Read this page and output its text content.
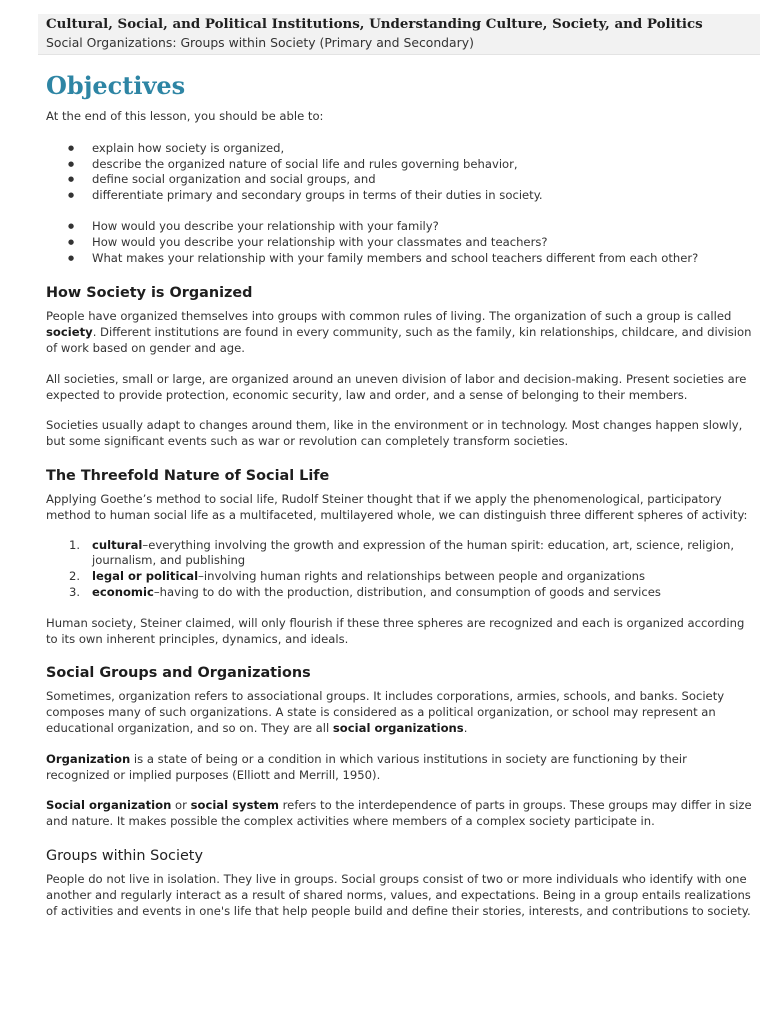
Cultural, Social, and Political Institutions, Understanding Culture, Society, and Politics

Social Organizations: Groups within Society (Primary and Secondary)

Objectives

At the end of this lesson, you should be able to:

● explain how society is organized,
● describe the organized nature of social life and rules governing behavior,
● define social organization and social groups, and
● differentiate primary and secondary groups in terms of their duties in society.
● How would you describe your relationship with your family?
● How would you describe your relationship with your classmates and teachers?
● What makes your relationship with your family members and school teachers different from each other?
How Society is Organized

People have organized themselves into groups with common rules of living. The organization of such a group is called society. Different institutions are found in every community, such as the family, kin relationships, childcare, and division of work based on gender and age.

All societies, small or large, are organized around an uneven division of labor and decision-making. Present societies are expected to provide protection, economic security, law and order, and a sense of belonging to their members.

Societies usually adapt to changes around them, like in the environment or in technology. Most changes happen slowly, but some significant events such as war or revolution can completely transform societies.

The Threefold Nature of Social Life

Applying Goethe’s method to social life, Rudolf Steiner thought that if we apply the phenomenological, participatory method to human social life as a multifaceted, multilayered whole, we can distinguish three different spheres of activity:

1. cultural–everything involving the growth and expression of the human spirit: education, art, science, religion, journalism, and publishing
2. legal or political–involving human rights and relationships between people and organizations
3. economic–having to do with the production, distribution, and consumption of goods and services

Human society, Steiner claimed, will only flourish if these three spheres are recognized and each is organized according to its own inherent principles, dynamics, and ideals.

Social Groups and Organizations

Sometimes, organization refers to associational groups. It includes corporations, armies, schools, and banks. Society composes many of such organizations. A state is considered as a political organization, or school may represent an educational organization, and so on. They are all social organizations.

Organization is a state of being or a condition in which various institutions in society are functioning by their recognized or implied purposes (Elliott and Merrill, 1950).

Social organization or social system refers to the interdependence of parts in groups. These groups may differ in size and nature. It makes possible the complex activities where members of a complex society participate in.

Groups within Society

People do not live in isolation. They live in groups. Social groups consist of two or more individuals who identify with one another and regularly interact as a result of shared norms, values, and expectations. Being in a group entails realizations of activities and events in one's life that help people build and define their stories, interests, and contributions to society.
